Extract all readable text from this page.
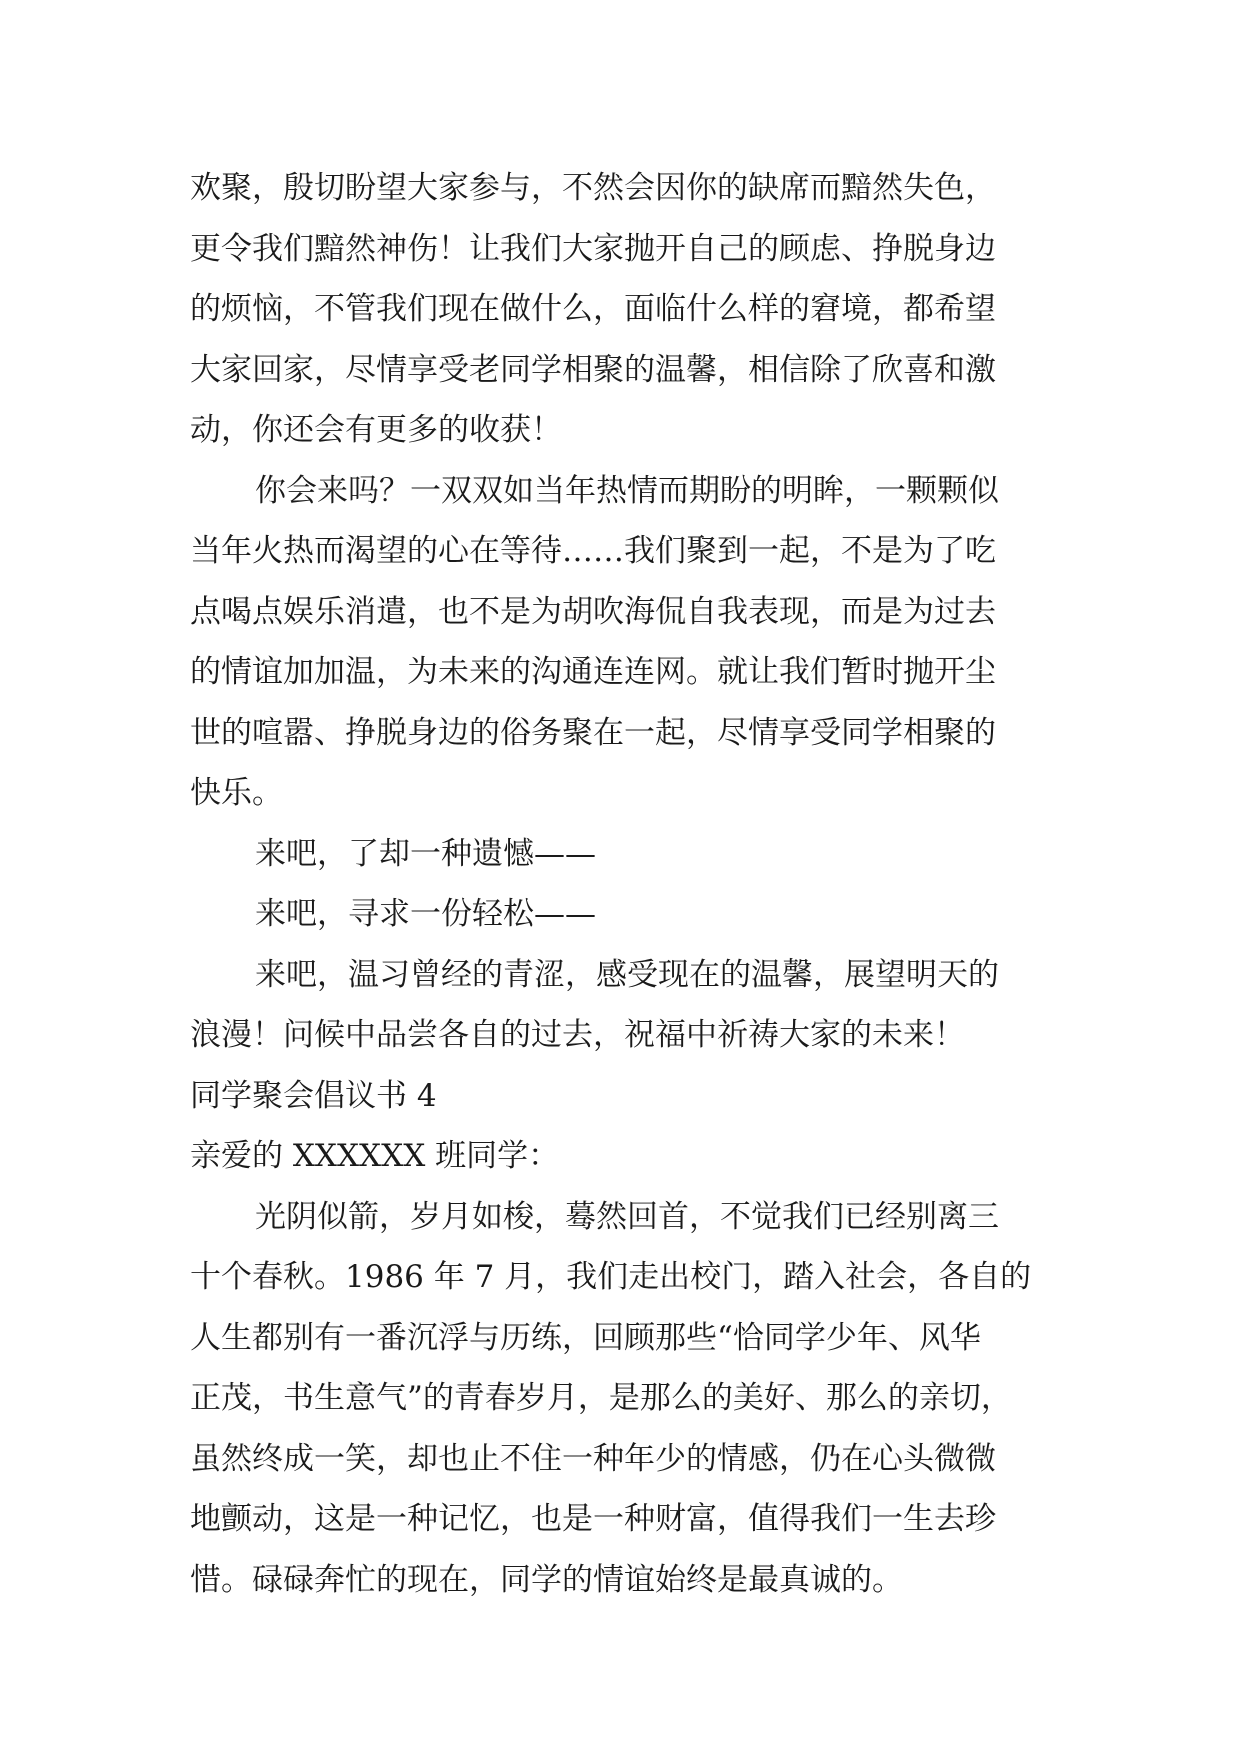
欢聚，殷切盼望大家参与，不然会因你的缺席而黯然失色，
更令我们黯然神伤！让我们大家抛开自己的顾虑、挣脱身边
的烦恼，不管我们现在做什么，面临什么样的窘境，都希望
大家回家，尽情享受老同学相聚的温馨，相信除了欣喜和激
动，你还会有更多的收获！
你会来吗？一双双如当年热情而期盼的明眸，一颗颗似
当年火热而渴望的心在等待……我们聚到一起，不是为了吃
点喝点娱乐消遣，也不是为胡吹海侃自我表现，而是为过去
的情谊加加温，为未来的沟通连连网。就让我们暂时抛开尘
世的喧嚣、挣脱身边的俗务聚在一起，尽情享受同学相聚的
快乐。
来吧，了却一种遗憾——
来吧，寻求一份轻松——
来吧，温习曾经的青涩，感受现在的温馨，展望明天的
浪漫！问候中品尝各自的过去，祝福中祈祷大家的未来！
同学聚会倡议书 4
亲爱的 XXXXXX 班同学：
光阴似箭，岁月如梭，蓦然回首，不觉我们已经别离三
十个春秋。1986 年 7 月，我们走出校门，踏入社会，各自的
人生都别有一番沉浮与历练，回顾那些“恰同学少年、风华
正茂，书生意气”的青春岁月，是那么的美好、那么的亲切，
虽然终成一笑，却也止不住一种年少的情感，仍在心头微微
地颤动，这是一种记忆，也是一种财富，值得我们一生去珍
惜。碌碌奔忙的现在，同学的情谊始终是最真诚的。
